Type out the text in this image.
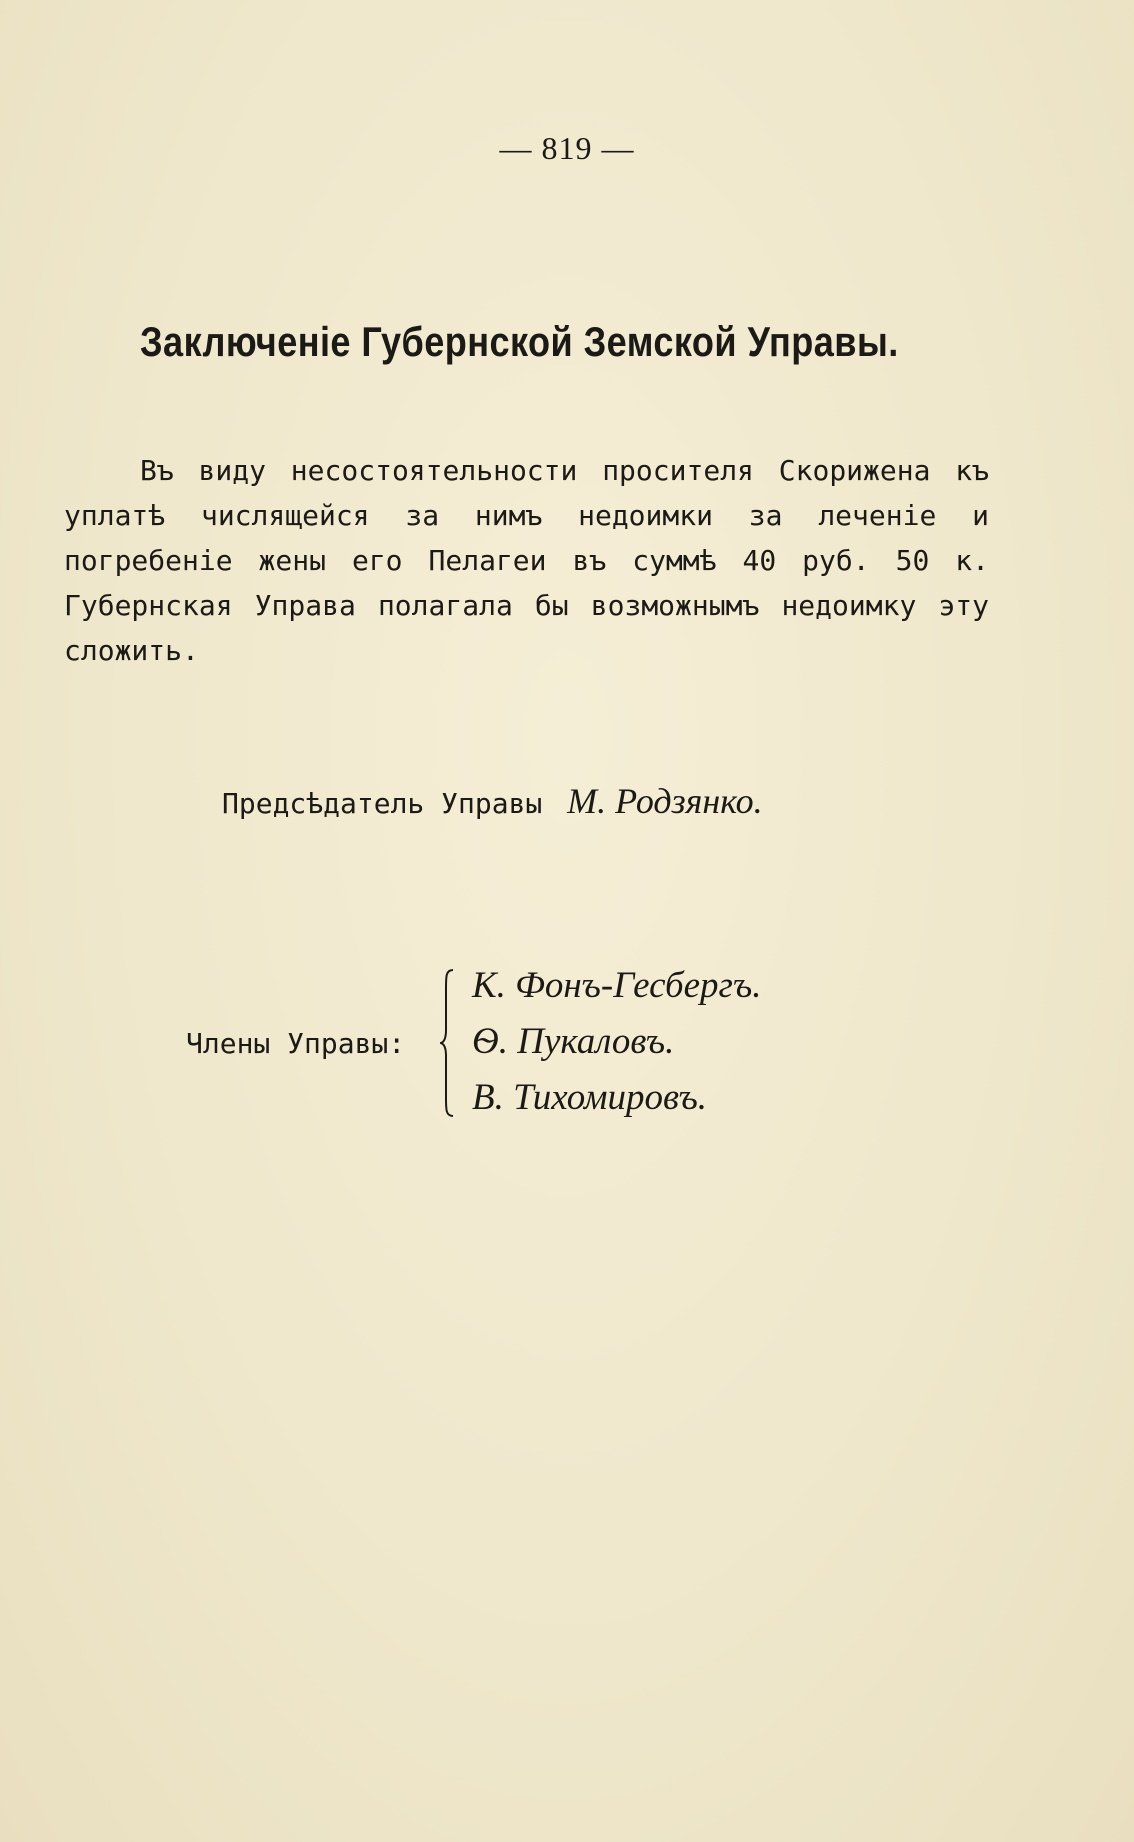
— 819 —
Заключеніе Губернской Земской Управы.
Въ виду несостоятельности просителя Скорижена къ уплатѣ числящейся за нимъ недоимки за леченіе и погребеніе жены его Пелагеи въ суммѣ 40 руб. 50 к. Губернская Управа полагала бы возможнымъ недоимку эту сложить.
Предсѣдатель Управы М. Родзянко.
Члены Управы:
К. Фонъ-Гесбергъ.
Ѳ. Пукаловъ.
В. Тихомировъ.
